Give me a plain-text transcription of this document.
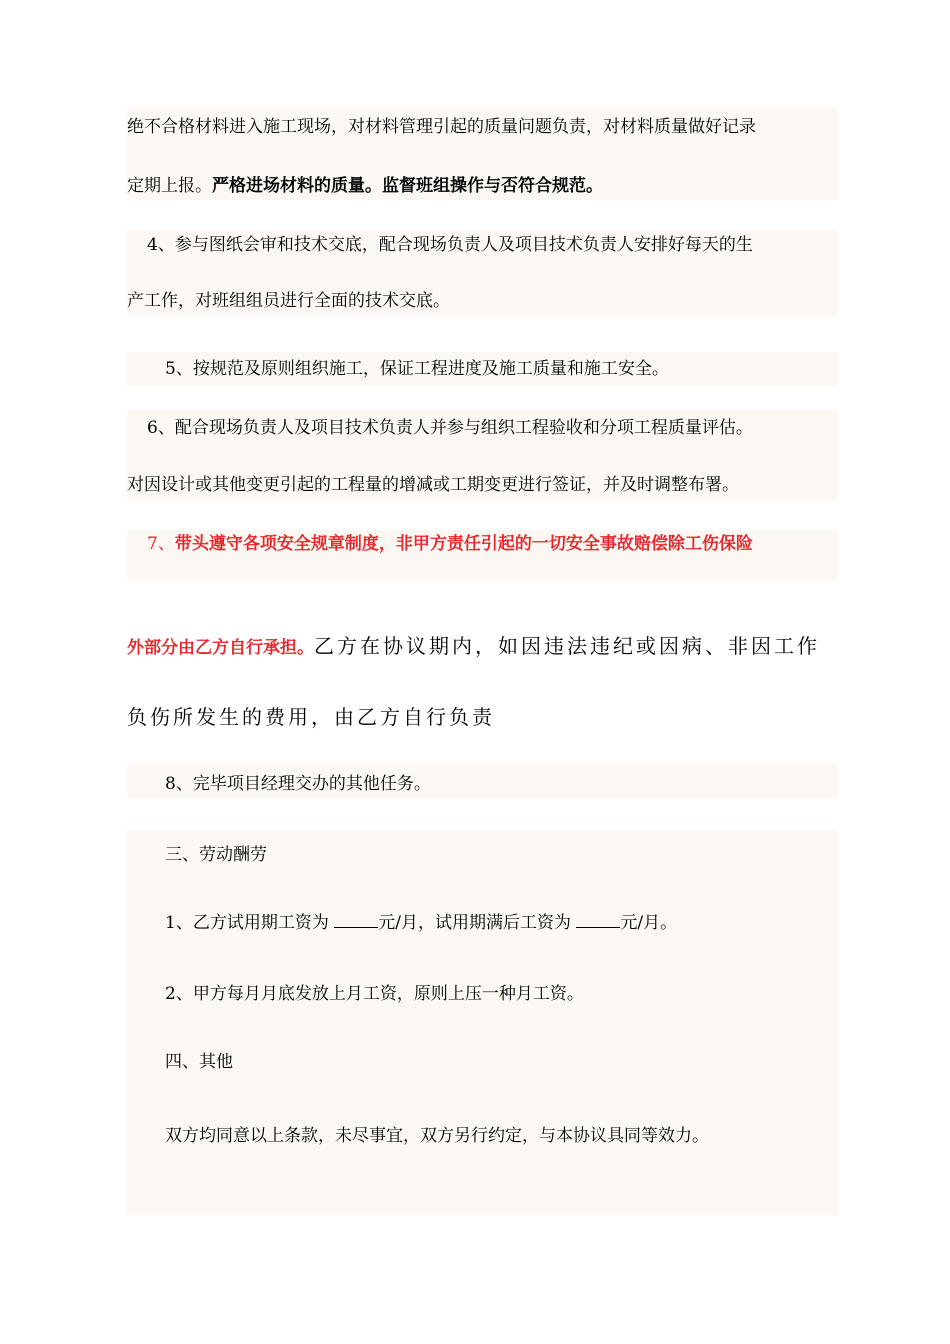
绝不合格材料进入施工现场，对材料管理引起的质量问题负责，对材料质量做好记录
定期上报。严格进场材料的质量。监督班组操作与否符合规范。
4、参与图纸会审和技术交底，配合现场负责人及项目技术负责人安排好每天的生
产工作，对班组组员进行全面的技术交底。
5、按规范及原则组织施工，保证工程进度及施工质量和施工安全。
6、配合现场负责人及项目技术负责人并参与组织工程验收和分项工程质量评估。
对因设计或其他变更引起的工程量的增减或工期变更进行签证，并及时调整布署。
7、带头遵守各项安全规章制度，非甲方责任引起的一切安全事故赔偿除工伤保险
外部分由乙方自行承担。乙方在协议期内，如因违法违纪或因病、非因工作
负伤所发生的费用，由乙方自行负责
8、完毕项目经理交办的其他任务。
三、劳动酬劳
1、乙方试用期工资为	元/月，试用期满后工资为	元/月。
2、甲方每月月底发放上月工资，原则上压一种月工资。
四、其他
双方均同意以上条款，未尽事宜，双方另行约定，与本协议具同等效力。
